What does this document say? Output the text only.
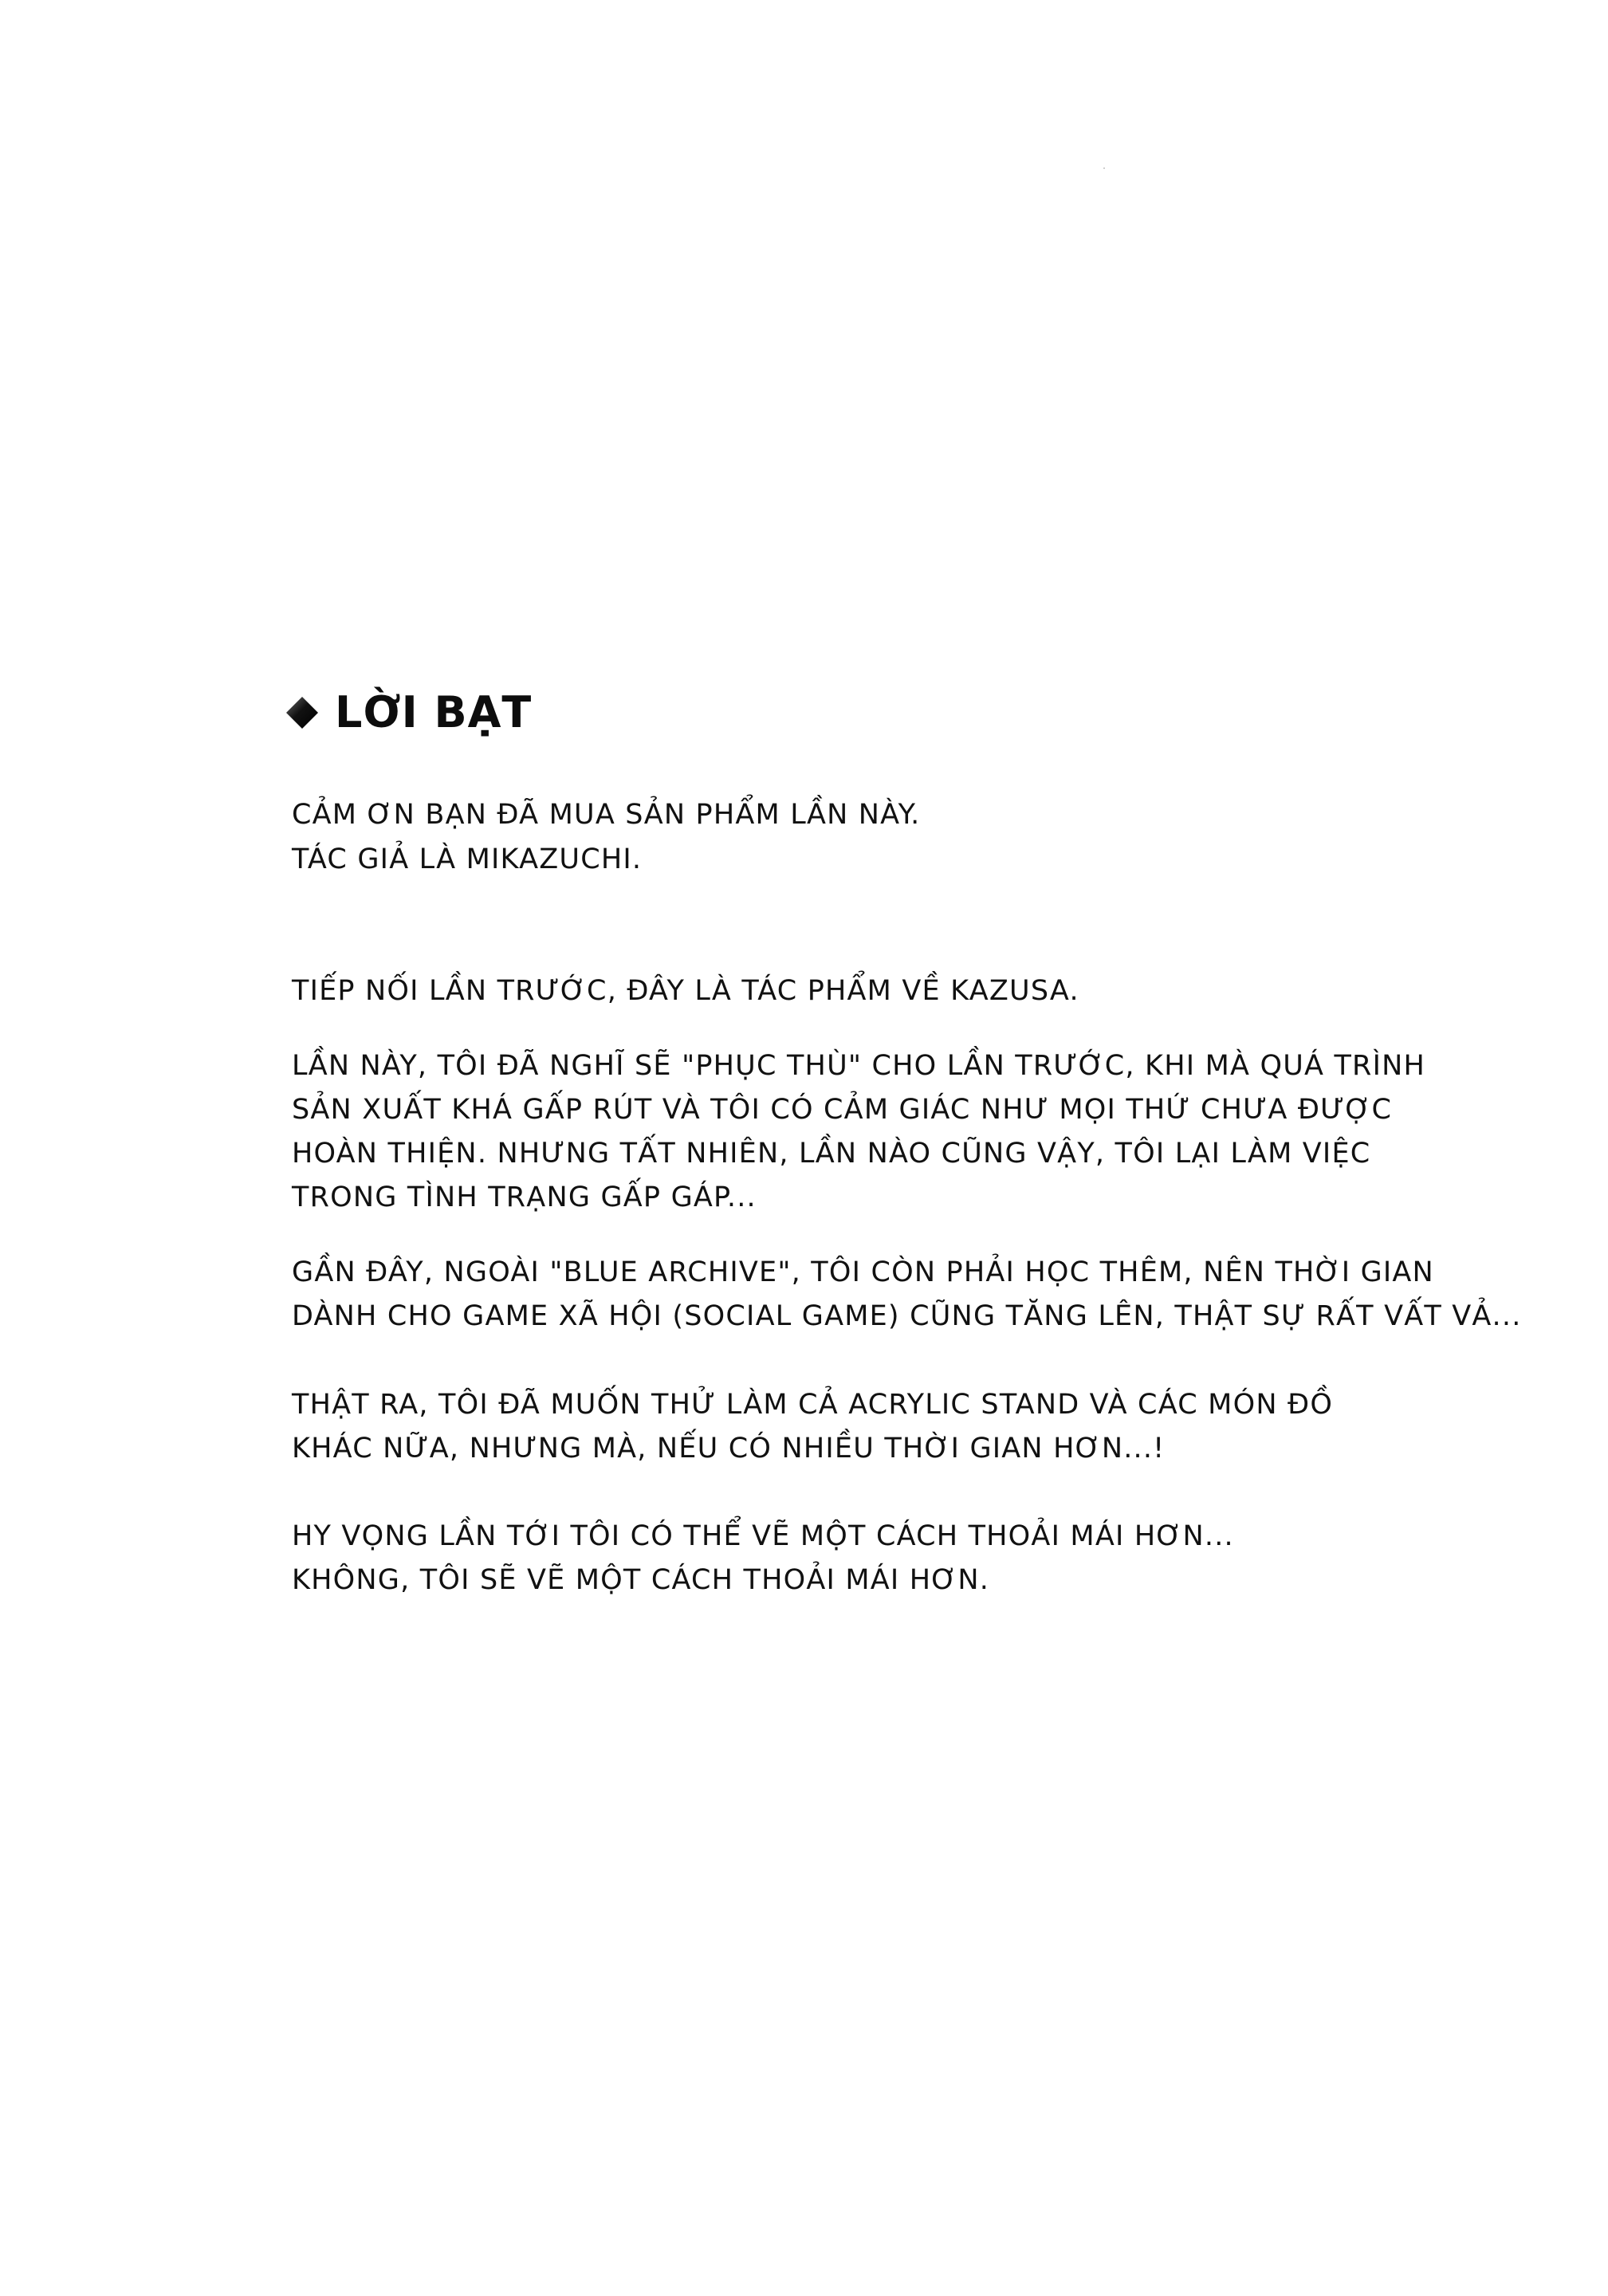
LỜI BẠT
CẢM ƠN BẠN ĐÃ MUA SẢN PHẨM LẦN NÀY.
TÁC GIẢ LÀ MIKAZUCHI.
TIẾP NỐI LẦN TRƯỚC, ĐÂY LÀ TÁC PHẨM VỀ KAZUSA.
LẦN NÀY, TÔI ĐÃ NGHĨ SẼ "PHỤC THÙ" CHO LẦN TRƯỚC, KHI MÀ QUÁ TRÌNH
SẢN XUẤT KHÁ GẤP RÚT VÀ TÔI CÓ CẢM GIÁC NHƯ MỌI THỨ CHƯA ĐƯỢC
HOÀN THIỆN. NHƯNG TẤT NHIÊN, LẦN NÀO CŨNG VẬY, TÔI LẠI LÀM VIỆC
TRONG TÌNH TRẠNG GẤP GÁP...
GẦN ĐÂY, NGOÀI "BLUE ARCHIVE", TÔI CÒN PHẢI HỌC THÊM, NÊN THỜI GIAN
DÀNH CHO GAME XÃ HỘI (SOCIAL GAME) CŨNG TĂNG LÊN, THẬT SỰ RẤT VẤT VẢ...
THẬT RA, TÔI ĐÃ MUỐN THỬ LÀM CẢ ACRYLIC STAND VÀ CÁC MÓN ĐỒ
KHÁC NỮA, NHƯNG MÀ, NẾU CÓ NHIỀU THỜI GIAN HƠN...!
HY VỌNG LẦN TỚI TÔI CÓ THỂ VẼ MỘT CÁCH THOẢI MÁI HƠN...
KHÔNG, TÔI SẼ VẼ MỘT CÁCH THOẢI MÁI HƠN.
